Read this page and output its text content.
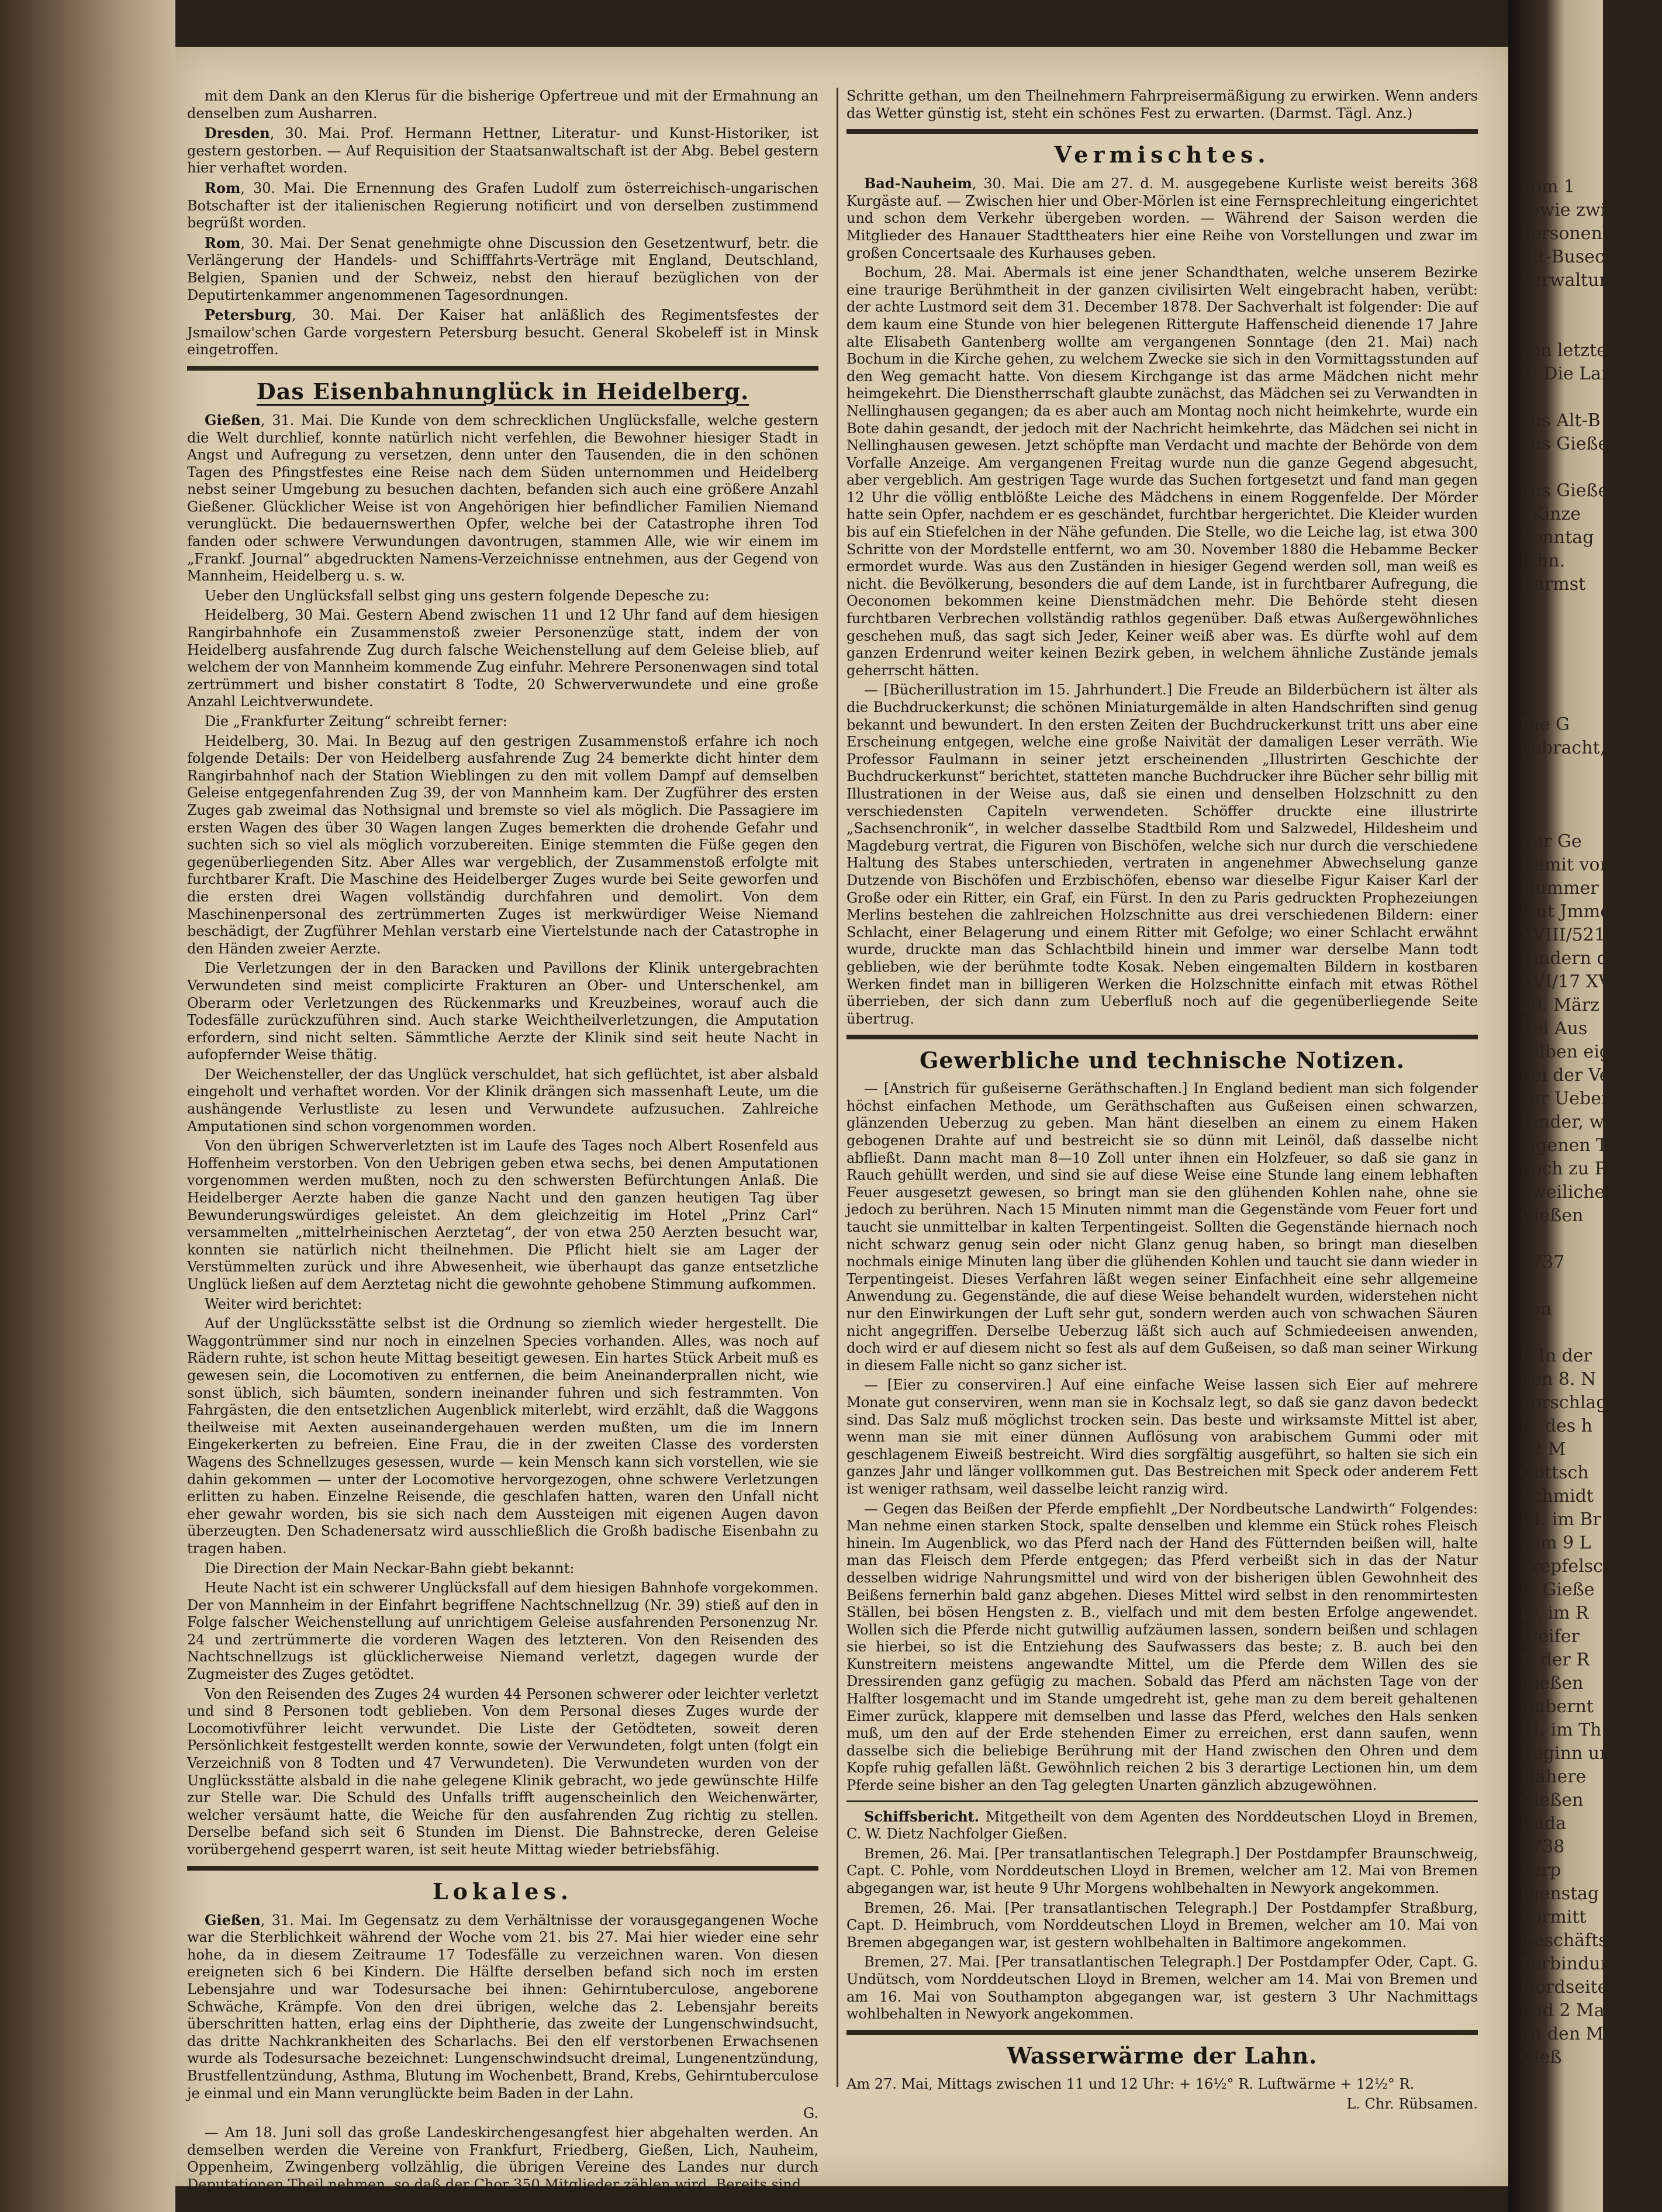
Vom 1
sowie zwischen
Personenbeförd
Alt-Buseck,
Verwaltung de

von letzteren
1) Die Lan

aus Alt-B
aus Gieße

aus Gieße
, Kinze
Sonntag
fahn.
Darmst

Die G
gebracht, da

Zur Ge
Damit von
Nummer XX
laut Jmmobilie
XVIII/521 XV
Kindern des
XVI/17 XVI
29. März 185
Bei Aus
selben eigenthü
bei der Ver
zur Ueberna
Kinder, welch
eigenen Theil
noch zu Par
dweilichen Berf
Gießen

3737

von

I. In der
den 8. N
Vorschlag
II. des h
32 M
Gottsch
Schmidt
III. im Br
vom 9 L
Trepfelsche
in Gieße
IV. im R
Pfeifer
V. der R
Gießen
Gubernt
VI. im Th
Beginn um
Nähere
Gießen
Ruda
3738
Verp
Dienstag
Vormitt
Geschäftsz
Verbindung
Nordseite
und 2 Magaz
an den Meist
Gieß

mit dem Dank an den Klerus für die bisherige Opfertreue und mit der Ermahnung an denselben zum Ausharren.

Dresden, 30. Mai. Prof. Hermann Hettner, Literatur- und Kunst-Historiker, ist gestern gestorben. — Auf Requisition der Staatsanwaltschaft ist der Abg. Bebel gestern hier verhaftet worden.

Rom, 30. Mai. Die Ernennung des Grafen Ludolf zum österreichisch-ungarischen Botschafter ist der italienischen Regierung notificirt und von derselben zustimmend begrüßt worden.

Rom, 30. Mai. Der Senat genehmigte ohne Discussion den Gesetzentwurf, betr. die Verlängerung der Handels- und Schifffahrts-Verträge mit England, Deutschland, Belgien, Spanien und der Schweiz, nebst den hierauf bezüglichen von der Deputirtenkammer angenommenen Tagesordnungen.

Petersburg, 30. Mai. Der Kaiser hat anläßlich des Regimentsfestes der Jsmailow'schen Garde vorgestern Petersburg besucht. General Skobeleff ist in Minsk eingetroffen.

Das Eisenbahnunglück in Heidelberg.

Gießen, 31. Mai. Die Kunde von dem schrecklichen Unglücksfalle, welche gestern die Welt durchlief, konnte natürlich nicht verfehlen, die Bewohner hiesiger Stadt in Angst und Aufregung zu versetzen, denn unter den Tausenden, die in den schönen Tagen des Pfingstfestes eine Reise nach dem Süden unternommen und Heidelberg nebst seiner Umgebung zu besuchen dachten, befanden sich auch eine größere Anzahl Gießener. Glücklicher Weise ist von Angehörigen hier befindlicher Familien Niemand verunglückt. Die bedauernswerthen Opfer, welche bei der Catastrophe ihren Tod fanden oder schwere Verwundungen davontrugen, stammen Alle, wie wir einem im „Frankf. Journal“ abgedruckten Namens-Verzeichnisse entnehmen, aus der Gegend von Mannheim, Heidelberg u. s. w.

Ueber den Unglücksfall selbst ging uns gestern folgende Depesche zu:

Heidelberg, 30 Mai. Gestern Abend zwischen 11 und 12 Uhr fand auf dem hiesigen Rangirbahnhofe ein Zusammenstoß zweier Personenzüge statt, indem der von Heidelberg ausfahrende Zug durch falsche Weichenstellung auf dem Geleise blieb, auf welchem der von Mannheim kommende Zug einfuhr. Mehrere Personenwagen sind total zertrümmert und bisher constatirt 8 Todte, 20 Schwerverwundete und eine große Anzahl Leichtverwundete.

Die „Frankfurter Zeitung“ schreibt ferner:

Heidelberg, 30. Mai. In Bezug auf den gestrigen Zusammenstoß erfahre ich noch folgende Details: Der von Heidelberg ausfahrende Zug 24 bemerkte dicht hinter dem Rangirbahnhof nach der Station Wieblingen zu den mit vollem Dampf auf demselben Geleise entgegenfahrenden Zug 39, der von Mannheim kam. Der Zugführer des ersten Zuges gab zweimal das Nothsignal und bremste so viel als möglich. Die Passagiere im ersten Wagen des über 30 Wagen langen Zuges bemerkten die drohende Gefahr und suchten sich so viel als möglich vorzubereiten. Einige stemmten die Füße gegen den gegenüberliegenden Sitz. Aber Alles war vergeblich, der Zusammenstoß erfolgte mit furchtbarer Kraft. Die Maschine des Heidelberger Zuges wurde bei Seite geworfen und die ersten drei Wagen vollständig durchfahren und demolirt. Von dem Maschinenpersonal des zertrümmerten Zuges ist merkwürdiger Weise Niemand beschädigt, der Zugführer Mehlan verstarb eine Viertelstunde nach der Catastrophe in den Händen zweier Aerzte.

Die Verletzungen der in den Baracken und Pavillons der Klinik untergebrachten Verwundeten sind meist complicirte Frakturen an Ober- und Unterschenkel, am Oberarm oder Verletzungen des Rückenmarks und Kreuzbeines, worauf auch die Todesfälle zurückzuführen sind. Auch starke Weichtheilverletzungen, die Amputation erfordern, sind nicht selten. Sämmtliche Aerzte der Klinik sind seit heute Nacht in aufopfernder Weise thätig.

Der Weichensteller, der das Unglück verschuldet, hat sich geflüchtet, ist aber alsbald eingeholt und verhaftet worden. Vor der Klinik drängen sich massenhaft Leute, um die aushängende Verlustliste zu lesen und Verwundete aufzusuchen. Zahlreiche Amputationen sind schon vorgenommen worden.

Von den übrigen Schwerverletzten ist im Laufe des Tages noch Albert Rosenfeld aus Hoffenheim verstorben. Von den Uebrigen geben etwa sechs, bei denen Amputationen vorgenommen werden mußten, noch zu den schwersten Befürchtungen Anlaß. Die Heidelberger Aerzte haben die ganze Nacht und den ganzen heutigen Tag über Bewunderungswürdiges geleistet. An dem gleichzeitig im Hotel „Prinz Carl“ versammelten „mittelrheinischen Aerztetag“, der von etwa 250 Aerzten besucht war, konnten sie natürlich nicht theilnehmen. Die Pflicht hielt sie am Lager der Verstümmelten zurück und ihre Abwesenheit, wie überhaupt das ganze entsetzliche Unglück ließen auf dem Aerztetag nicht die gewohnte gehobene Stimmung aufkommen.

Weiter wird berichtet:

Auf der Unglücksstätte selbst ist die Ordnung so ziemlich wieder hergestellt. Die Waggontrümmer sind nur noch in einzelnen Species vorhanden. Alles, was noch auf Rädern ruhte, ist schon heute Mittag beseitigt gewesen. Ein hartes Stück Arbeit muß es gewesen sein, die Locomotiven zu entfernen, die beim Aneinanderprallen nicht, wie sonst üblich, sich bäumten, sondern ineinander fuhren und sich festrammten. Von Fahrgästen, die den entsetzlichen Augenblick miterlebt, wird erzählt, daß die Waggons theilweise mit Aexten auseinandergehauen werden mußten, um die im Innern Eingekerkerten zu befreien. Eine Frau, die in der zweiten Classe des vordersten Wagens des Schnellzuges gesessen, wurde — kein Mensch kann sich vorstellen, wie sie dahin gekommen — unter der Locomotive hervorgezogen, ohne schwere Verletzungen erlitten zu haben. Einzelne Reisende, die geschlafen hatten, waren den Unfall nicht eher gewahr worden, bis sie sich nach dem Aussteigen mit eigenen Augen davon überzeugten. Den Schadenersatz wird ausschließlich die Großh badische Eisenbahn zu tragen haben.

Die Direction der Main Neckar-Bahn giebt bekannt:

Heute Nacht ist ein schwerer Unglücksfall auf dem hiesigen Bahnhofe vorgekommen. Der von Mannheim in der Einfahrt begriffene Nachtschnellzug (Nr. 39) stieß auf den in Folge falscher Weichenstellung auf unrichtigem Geleise ausfahrenden Personenzug Nr. 24 und zertrümmerte die vorderen Wagen des letzteren. Von den Reisenden des Nachtschnellzugs ist glücklicherweise Niemand verletzt, dagegen wurde der Zugmeister des Zuges getödtet.

Von den Reisenden des Zuges 24 wurden 44 Personen schwerer oder leichter verletzt und sind 8 Personen todt geblieben. Von dem Personal dieses Zuges wurde der Locomotivführer leicht verwundet. Die Liste der Getödteten, soweit deren Persönlichkeit festgestellt werden konnte, sowie der Verwundeten, folgt unten (folgt ein Verzeichniß von 8 Todten und 47 Verwundeten). Die Verwundeten wurden von der Unglücksstätte alsbald in die nahe gelegene Klinik gebracht, wo jede gewünschte Hilfe zur Stelle war. Die Schuld des Unfalls trifft augenscheinlich den Weichenwärter, welcher versäumt hatte, die Weiche für den ausfahrenden Zug richtig zu stellen. Derselbe befand sich seit 6 Stunden im Dienst. Die Bahnstrecke, deren Geleise vorübergehend gesperrt waren, ist seit heute Mittag wieder betriebsfähig.

Lokales.

Gießen, 31. Mai. Im Gegensatz zu dem Verhältnisse der vorausgegangenen Woche war die Sterblichkeit während der Woche vom 21. bis 27. Mai hier wieder eine sehr hohe, da in diesem Zeitraume 17 Todesfälle zu verzeichnen waren. Von diesen ereigneten sich 6 bei Kindern. Die Hälfte derselben befand sich noch im ersten Lebensjahre und war Todesursache bei ihnen: Gehirntuberculose, angeborene Schwäche, Krämpfe. Von den drei übrigen, welche das 2. Lebensjahr bereits überschritten hatten, erlag eins der Diphtherie, das zweite der Lungenschwindsucht, das dritte Nachkrankheiten des Scharlachs. Bei den elf verstorbenen Erwachsenen wurde als Todesursache bezeichnet: Lungenschwindsucht dreimal, Lungenentzündung, Brustfellentzündung, Asthma, Blutung im Wochenbett, Brand, Krebs, Gehirntuberculose je einmal und ein Mann verunglückte beim Baden in der Lahn.

G.

— Am 18. Juni soll das große Landeskirchengesangfest hier abgehalten werden. An demselben werden die Vereine von Frankfurt, Friedberg, Gießen, Lich, Nauheim, Oppenheim, Zwingenberg vollzählig, die übrigen Vereine des Landes nur durch Deputationen Theil nehmen, so daß der Chor 350 Mitglieder zählen wird. Bereits sind

Schritte gethan, um den Theilnehmern Fahrpreisermäßigung zu erwirken. Wenn anders das Wetter günstig ist, steht ein schönes Fest zu erwarten. (Darmst. Tägl. Anz.)

Vermischtes.

Bad-Nauheim, 30. Mai. Die am 27. d. M. ausgegebene Kurliste weist bereits 368 Kurgäste auf. — Zwischen hier und Ober-Mörlen ist eine Fernsprechleitung eingerichtet und schon dem Verkehr übergeben worden. — Während der Saison werden die Mitglieder des Hanauer Stadttheaters hier eine Reihe von Vorstellungen und zwar im großen Concertsaale des Kurhauses geben.

Bochum, 28. Mai. Abermals ist eine jener Schandthaten, welche unserem Bezirke eine traurige Berühmtheit in der ganzen civilisirten Welt eingebracht haben, verübt: der achte Lustmord seit dem 31. December 1878. Der Sachverhalt ist folgender: Die auf dem kaum eine Stunde von hier belegenen Rittergute Haffenscheid dienende 17 Jahre alte Elisabeth Gantenberg wollte am vergangenen Sonntage (den 21. Mai) nach Bochum in die Kirche gehen, zu welchem Zwecke sie sich in den Vormittagsstunden auf den Weg gemacht hatte. Von diesem Kirchgange ist das arme Mädchen nicht mehr heimgekehrt. Die Dienstherrschaft glaubte zunächst, das Mädchen sei zu Verwandten in Nellinghausen gegangen; da es aber auch am Montag noch nicht heimkehrte, wurde ein Bote dahin gesandt, der jedoch mit der Nachricht heimkehrte, das Mädchen sei nicht in Nellinghausen gewesen. Jetzt schöpfte man Verdacht und machte der Behörde von dem Vorfalle Anzeige. Am vergangenen Freitag wurde nun die ganze Gegend abgesucht, aber vergeblich. Am gestrigen Tage wurde das Suchen fortgesetzt und fand man gegen 12 Uhr die völlig entblößte Leiche des Mädchens in einem Roggenfelde. Der Mörder hatte sein Opfer, nachdem er es geschändet, furchtbar hergerichtet. Die Kleider wurden bis auf ein Stiefelchen in der Nähe gefunden. Die Stelle, wo die Leiche lag, ist etwa 300 Schritte von der Mordstelle entfernt, wo am 30. November 1880 die Hebamme Becker ermordet wurde. Was aus den Zuständen in hiesiger Gegend werden soll, man weiß es nicht. die Bevölkerung, besonders die auf dem Lande, ist in furchtbarer Aufregung, die Oeconomen bekommen keine Dienstmädchen mehr. Die Behörde steht diesen furchtbaren Verbrechen vollständig rathlos gegenüber. Daß etwas Außergewöhnliches geschehen muß, das sagt sich Jeder, Keiner weiß aber was. Es dürfte wohl auf dem ganzen Erdenrund weiter keinen Bezirk geben, in welchem ähnliche Zustände jemals geherrscht hätten.

— [Bücherillustration im 15. Jahrhundert.] Die Freude an Bilderbüchern ist älter als die Buchdruckerkunst; die schönen Miniaturgemälde in alten Handschriften sind genug bekannt und bewundert. In den ersten Zeiten der Buchdruckerkunst tritt uns aber eine Erscheinung entgegen, welche eine große Naivität der damaligen Leser verräth. Wie Professor Faulmann in seiner jetzt erscheinenden „Illustrirten Geschichte der Buchdruckerkunst“ berichtet, statteten manche Buchdrucker ihre Bücher sehr billig mit Illustrationen in der Weise aus, daß sie einen und denselben Holzschnitt zu den verschiedensten Capiteln verwendeten. Schöffer druckte eine illustrirte „Sachsenchronik“, in welcher dasselbe Stadtbild Rom und Salzwedel, Hildesheim und Magdeburg vertrat, die Figuren von Bischöfen, welche sich nur durch die verschiedene Haltung des Stabes unterschieden, vertraten in angenehmer Abwechselung ganze Dutzende von Bischöfen und Erzbischöfen, ebenso war dieselbe Figur Kaiser Karl der Große oder ein Ritter, ein Graf, ein Fürst. In den zu Paris gedruckten Prophezeiungen Merlins bestehen die zahlreichen Holzschnitte aus drei verschiedenen Bildern: einer Schlacht, einer Belagerung und einem Ritter mit Gefolge; wo einer Schlacht erwähnt wurde, druckte man das Schlachtbild hinein und immer war derselbe Mann todt geblieben, wie der berühmte todte Kosak. Neben eingemalten Bildern in kostbaren Werken findet man in billigeren Werken die Holzschnitte einfach mit etwas Röthel überrieben, der sich dann zum Ueberfluß noch auf die gegenüberliegende Seite übertrug.

Gewerbliche und technische Notizen.

— [Anstrich für gußeiserne Geräthschaften.] In England bedient man sich folgender höchst einfachen Methode, um Geräthschaften aus Gußeisen einen schwarzen, glänzenden Ueberzug zu geben. Man hänt dieselben an einem zu einem Haken gebogenen Drahte auf und bestreicht sie so dünn mit Leinöl, daß dasselbe nicht abfließt. Dann macht man 8—10 Zoll unter ihnen ein Holzfeuer, so daß sie ganz in Rauch gehüllt werden, und sind sie auf diese Weise eine Stunde lang einem lebhaften Feuer ausgesetzt gewesen, so bringt man sie den glühenden Kohlen nahe, ohne sie jedoch zu berühren. Nach 15 Minuten nimmt man die Gegenstände vom Feuer fort und taucht sie unmittelbar in kalten Terpentingeist. Sollten die Gegenstände hiernach noch nicht schwarz genug sein oder nicht Glanz genug haben, so bringt man dieselben nochmals einige Minuten lang über die glühenden Kohlen und taucht sie dann wieder in Terpentingeist. Dieses Verfahren läßt wegen seiner Einfachheit eine sehr allgemeine Anwendung zu. Gegenstände, die auf diese Weise behandelt wurden, widerstehen nicht nur den Einwirkungen der Luft sehr gut, sondern werden auch von schwachen Säuren nicht angegriffen. Derselbe Ueberzug läßt sich auch auf Schmiedeeisen anwenden, doch wird er auf diesem nicht so fest als auf dem Gußeisen, so daß man seiner Wirkung in diesem Falle nicht so ganz sicher ist.

— [Eier zu conserviren.] Auf eine einfache Weise lassen sich Eier auf mehrere Monate gut conserviren, wenn man sie in Kochsalz legt, so daß sie ganz davon bedeckt sind. Das Salz muß möglichst trocken sein. Das beste und wirksamste Mittel ist aber, wenn man sie mit einer dünnen Auflösung von arabischem Gummi oder mit geschlagenem Eiweiß bestreicht. Wird dies sorgfältig ausgeführt, so halten sie sich ein ganzes Jahr und länger vollkommen gut. Das Bestreichen mit Speck oder anderem Fett ist weniger rathsam, weil dasselbe leicht ranzig wird.

— Gegen das Beißen der Pferde empfiehlt „Der Nordbeutsche Landwirth“ Folgendes: Man nehme einen starken Stock, spalte denselben und klemme ein Stück rohes Fleisch hinein. Im Augenblick, wo das Pferd nach der Hand des Fütternden beißen will, halte man das Fleisch dem Pferde entgegen; das Pferd verbeißt sich in das der Natur desselben widrige Nahrungsmittel und wird von der bisherigen üblen Gewohnheit des Beißens fernerhin bald ganz abgehen. Dieses Mittel wird selbst in den renommirtesten Ställen, bei bösen Hengsten z. B., vielfach und mit dem besten Erfolge angewendet. Wollen sich die Pferde nicht gutwillig aufzäumen lassen, sondern beißen und schlagen sie hierbei, so ist die Entziehung des Saufwassers das beste; z. B. auch bei den Kunstreitern meistens angewandte Mittel, um die Pferde dem Willen des sie Dressirenden ganz gefügig zu machen. Sobald das Pferd am nächsten Tage von der Halfter losgemacht und im Stande umgedreht ist, gehe man zu dem bereit gehaltenen Eimer zurück, klappere mit demselben und lasse das Pferd, welches den Hals senken muß, um den auf der Erde stehenden Eimer zu erreichen, erst dann saufen, wenn dasselbe sich die beliebige Berührung mit der Hand zwischen den Ohren und dem Kopfe ruhig gefallen läßt. Gewöhnlich reichen 2 bis 3 derartige Lectionen hin, um dem Pferde seine bisher an den Tag gelegten Unarten gänzlich abzugewöhnen.

Schiffsbericht. Mitgetheilt von dem Agenten des Norddeutschen Lloyd in Bremen, C. W. Dietz Nachfolger Gießen.

Bremen, 26. Mai. [Per transatlantischen Telegraph.] Der Postdampfer Braunschweig, Capt. C. Pohle, vom Norddeutschen Lloyd in Bremen, welcher am 12. Mai von Bremen abgegangen war, ist heute 9 Uhr Morgens wohlbehalten in Newyork angekommen.

Bremen, 26. Mai. [Per transatlantischen Telegraph.] Der Postdampfer Straßburg, Capt. D. Heimbruch, vom Norddeutschen Lloyd in Bremen, welcher am 10. Mai von Bremen abgegangen war, ist gestern wohlbehalten in Baltimore angekommen.

Bremen, 27. Mai. [Per transatlantischen Telegraph.] Der Postdampfer Oder, Capt. G. Undütsch, vom Norddeutschen Lloyd in Bremen, welcher am 14. Mai von Bremen und am 16. Mai von Southampton abgegangen war, ist gestern 3 Uhr Nachmittags wohlbehalten in Newyork angekommen.

Wasserwärme der Lahn.

Am 27. Mai, Mittags zwischen 11 und 12 Uhr: + 16½° R. Luftwärme + 12½° R.

L. Chr. Rübsamen.
